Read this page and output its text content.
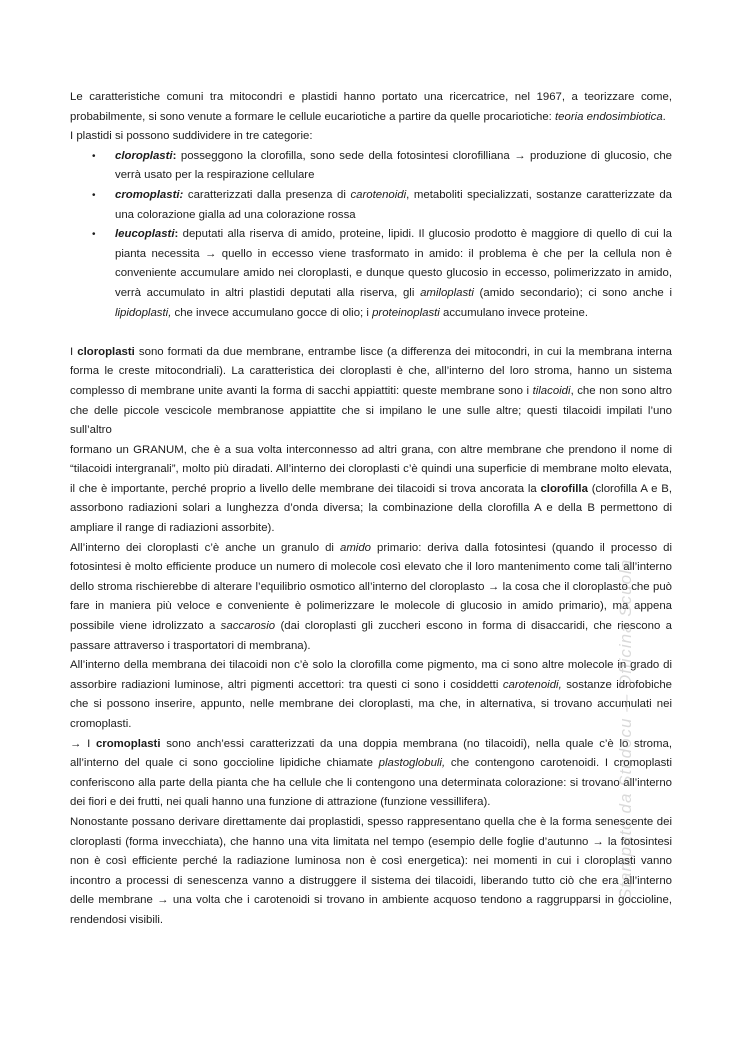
Le caratteristiche comuni tra mitocondri e plastidi hanno portato una ricercatrice, nel 1967, a teorizzare come, probabilmente, si sono venute a formare le cellule eucariotiche a partire da quelle procariotiche: teoria endosimbiotica.

I plastidi si possono suddividere in tre categorie:

• cloroplasti: posseggono la clorofilla, sono sede della fotosintesi clorofilliana → produzione di glucosio, che verrà usato per la respirazione cellulare
• cromoplasti: caratterizzati dalla presenza di carotenoidi, metaboliti specializzati, sostanze caratterizzate da una colorazione gialla ad una colorazione rossa
• leucoplasti: deputati alla riserva di amido, proteine, lipidi. Il glucosio prodotto è maggiore di quello di cui la pianta necessita → quello in eccesso viene trasformato in amido: il problema è che per la cellula non è conveniente accumulare amido nei cloroplasti, e dunque questo glucosio in eccesso, polimerizzato in amido, verrà accumulato in altri plastidi deputati alla riserva, gli amiloplasti (amido secondario); ci sono anche i lipidoplasti, che invece accumulano gocce di olio; i proteinoplasti accumulano invece proteine.

I cloroplasti sono formati da due membrane, entrambe lisce (a differenza dei mitocondri, in cui la membrana interna forma le creste mitocondriali). La caratteristica dei cloroplasti è che, all’interno del loro stroma, hanno un sistema complesso di membrane unite avanti la forma di sacchi appiattiti: queste membrane sono i tilacoidi, che non sono altro che delle piccole vescicole membranose appiattite che si impilano le une sulle altre; questi tilacoidi impilati l’uno sull’altro

formano un GRANUM, che è a sua volta interconnesso ad altri grana, con altre membrane che prendono il nome di “tilacoidi intergranali”, molto più diradati. All’interno dei cloroplasti c’è quindi una superficie di membrane molto elevata, il che è importante, perché proprio a livello delle membrane dei tilacoidi si trova ancorata la clorofilla (clorofilla A e B, assorbono radiazioni solari a lunghezza d’onda diversa; la combinazione della clorofilla A e della B permettono di ampliare il range di radiazioni assorbite).

All’interno dei cloroplasti c’è anche un granulo di amido primario: deriva dalla fotosintesi (quando il processo di fotosintesi è molto efficiente produce un numero di molecole così elevato che il loro mantenimento come tali all’interno dello stroma rischierebbe di alterare l’equilibrio osmotico all’interno del cloroplasto → la cosa che il cloroplasto che può fare in maniera più veloce e conveniente è polimerizzare le molecole di glucosio in amido primario), ma appena possibile viene idrolizzato a saccarosio (dai cloroplasti gli zuccheri escono in forma di disaccaridi, che riescono a passare attraverso i trasportatori di membrana).

All’interno della membrana dei tilacoidi non c’è solo la clorofilla come pigmento, ma ci sono altre molecole in grado di assorbire radiazioni luminose, altri pigmenti accettori: tra questi ci sono i cosiddetti carotenoidi, sostanze idrofobiche che si possono inserire, appunto, nelle membrane dei cloroplasti, ma che, in alternativa, si trovano accumulati nei cromoplasti.

→ I cromoplasti sono anch’essi caratterizzati da una doppia membrana (no tilacoidi), nella quale c’è lo stroma, all’interno del quale ci sono goccioline lipidiche chiamate plastoglobuli, che contengono carotenoidi. I cromoplasti conferiscono alla parte della pianta che ha cellule che li contengono una determinata colorazione: si trovano all’interno dei fiori e dei frutti, nei quali hanno una funzione di attrazione (funzione vessillifera).

Nonostante possano derivare direttamente dai proplastidi, spesso rappresentano quella che è la forma senescente dei cloroplasti (forma invecchiata), che hanno una vita limitata nel tempo (esempio delle foglie d’autunno → la fotosintesi non è così efficiente perché la radiazione luminosa non è così energetica): nei momenti in cui i cloroplasti vanno incontro a processi di senescenza vanno a distruggere il sistema dei tilacoidi, liberando tutto ciò che era all’interno delle membrane → una volta che i carotenoidi si trovano in ambiente acquoso tendono a raggrupparsi in goccioline, rendendosi visibili.

Stampato da Studocu — Officina Scuola
